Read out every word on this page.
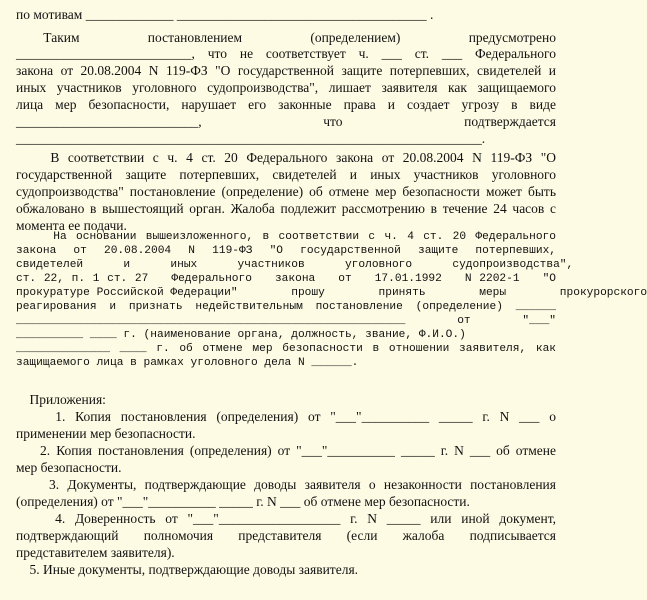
по мотивам _____________ _____________________________________ .
Таким          постановлением          (определением)          предусмотрено
__________________________, что не соответствует ч. ___ ст. ___ Федерального
закона от 20.08.2004 N 119-ФЗ "О государственной защите потерпевших, свидетелей и
иных участников уголовного судопроизводства", лишает заявителя как защищаемого
лица мер безопасности, нарушает его законные права и создает угрозу в виде
___________________________,                  что                  подтверждается
_____________________________________________________________________.
В соответствии с ч. 4 ст. 20 Федерального закона от 20.08.2004 N 119-ФЗ "О
государственной защите потерпевших, свидетелей и иных участников уголовного
судопроизводства" постановление (определение) об отмене мер безопасности может быть
обжаловано в вышестоящий орган. Жалоба подлежит рассмотрению в течение 24 часов с
момента ее подачи.
На основании вышеизложенного, в соответствии с ч. 4 ст. 20 Федерального
закона от 20.08.2004 N 119-ФЗ "О государственной защите потерпевших,
свидетелей      и      иных      участников      уголовного      судопроизводства",
ст. 22, п. 1 ст. 27   Федерального   закона   от   17.01.1992   N 2202-1   "О
прокуратуре Российской Федерации"        прошу        принять        меры        прокурорского
реагирования и признать недействительным постановление (определение) ______
__________________________________________________________ от "___"
__________ ____ г. (наименование органа, должность, звание, Ф.И.О.)
______________ ____ г. об отмене мер безопасности в отношении заявителя, как
защищаемого лица в рамках уголовного дела N ______.
Приложения:
1. Копия постановления (определения) от "___"__________ _____ г. N ___ о
применении мер безопасности.
2. Копия постановления (определения) от "___"__________ _____ г. N ___ об отмене
мер безопасности.
3. Документы, подтверждающие доводы заявителя о незаконности постановления
(определения) от "___"__________ _____ г. N ___ об отмене мер безопасности.
4. Доверенность от "___"__________________ г. N _____ или иной документ,
подтверждающий полномочия представителя (если жалоба подписывается
представителем заявителя).
5. Иные документы, подтверждающие доводы заявителя.
